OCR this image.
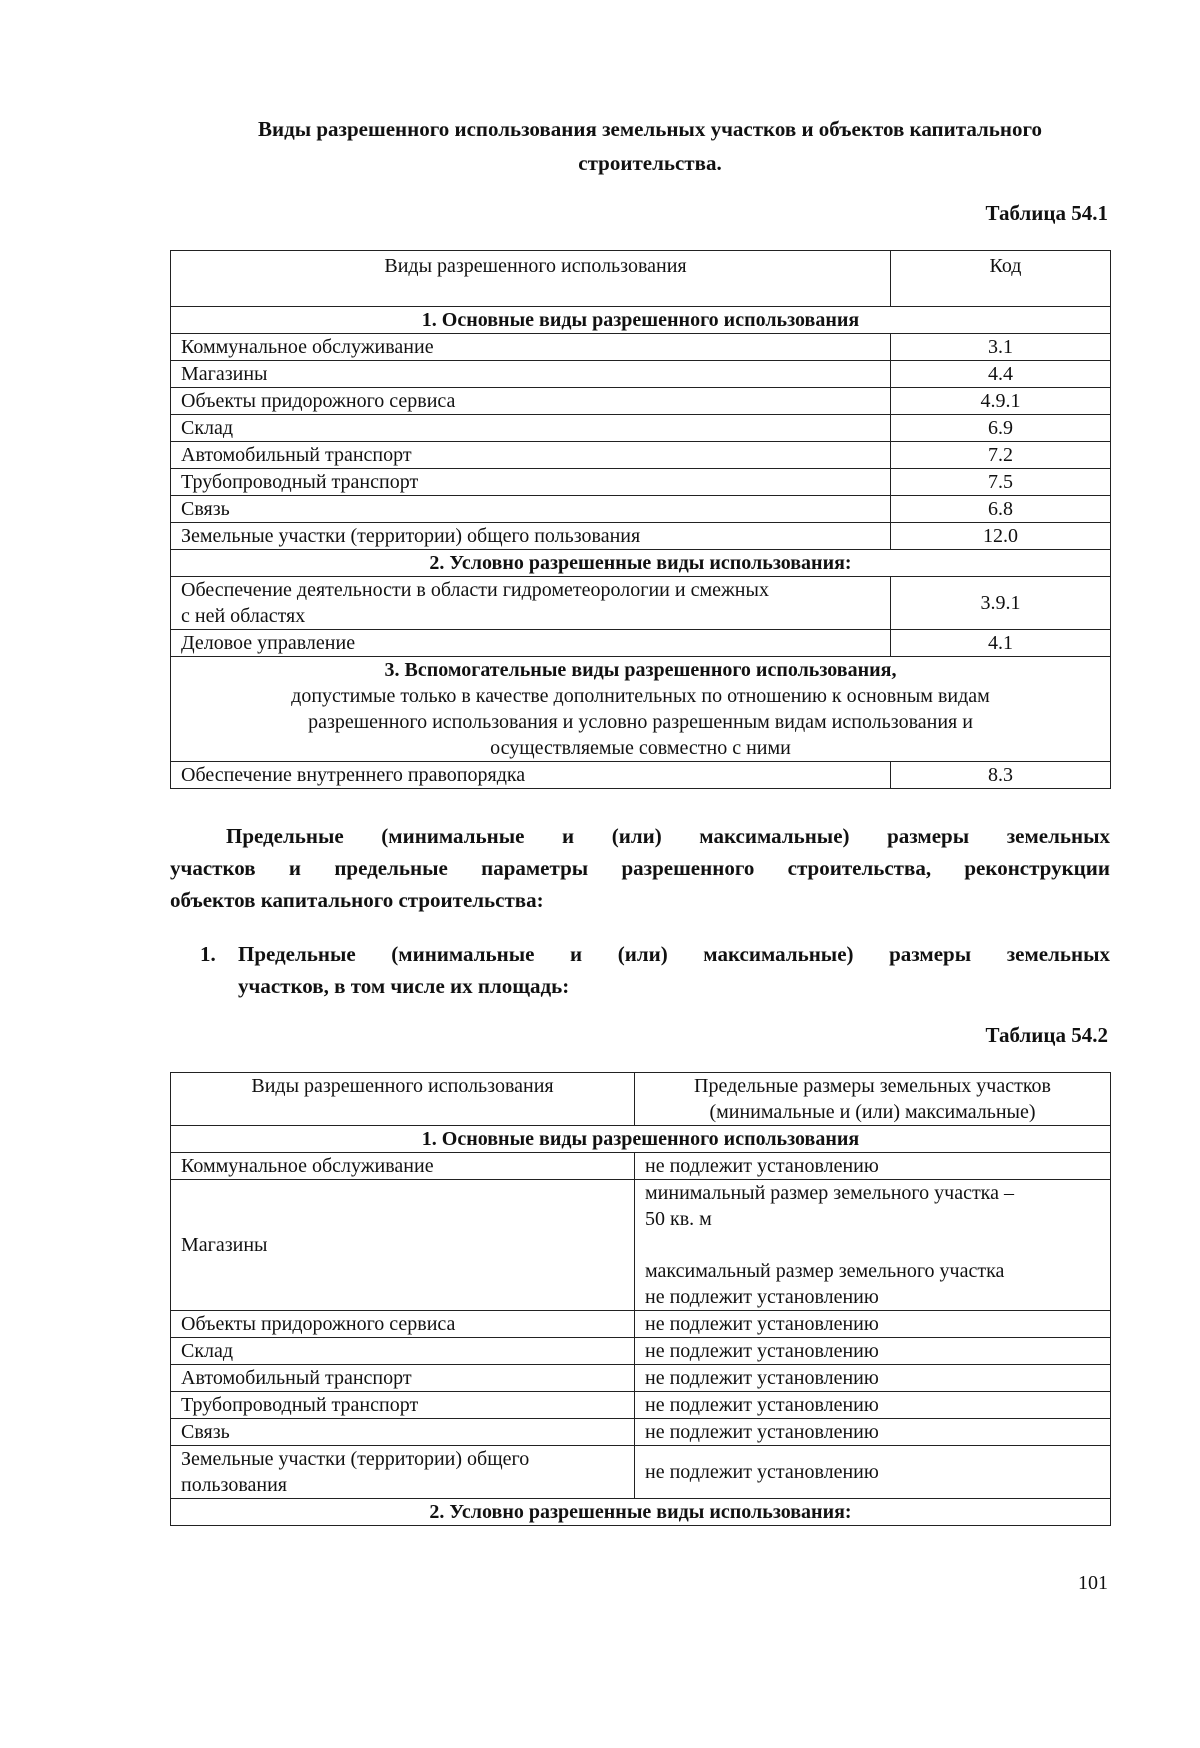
Виды разрешенного использования земельных участков и объектов капитального
строительства.
Таблица 54.1
Виды разрешенного использования	Код
1. Основные виды разрешенного использования	
Коммунальное обслуживание	3.1
Магазины	4.4
Объекты придорожного сервиса	4.9.1
Склад	6.9
Автомобильный транспорт	7.2
Трубопроводный транспорт	7.5
Связь	6.8
Земельные участки (территории) общего пользования	12.0
2. Условно разрешенные виды использования:	

Обеспечение деятельности в области гидрометеорологии и смежных
с ней областях	3.9.1
Деловое управление	4.1

3. Вспомогательные виды разрешенного использования,
допустимые только в качестве дополнительных по отношению к основным видам
разрешенного использования и условно разрешенным видам использования и
осуществляемые совместно с ними	

Обеспечение внутреннего правопорядка	8.3
Предельные (минимальные и (или) максимальные) размеры земельных
участков и предельные параметры разрешенного строительства, реконструкции
объектов капитального строительства:
1. Предельные (минимальные и (или) максимальные) размеры земельных
участков, в том числе их площадь:
Таблица 54.2
Виды разрешенного использования	Предельные размеры земельных участков
(минимальные и (или) максимальные)

1. Основные виды разрешенного использования	
Коммунальное обслуживание	не подлежит установлению
Магазины	минимальный размер земельного участка –
50 кв. м
максимальный размер земельного участка
не подлежит установлению

Объекты придорожного сервиса	не подлежит установлению
Склад	не подлежит установлению
Автомобильный транспорт	не подлежит установлению
Трубопроводный транспорт	не подлежит установлению
Связь	не подлежит установлению

Земельные участки (территории) общего
пользования	не подлежит установлению
2. Условно разрешенные виды использования:	
101
